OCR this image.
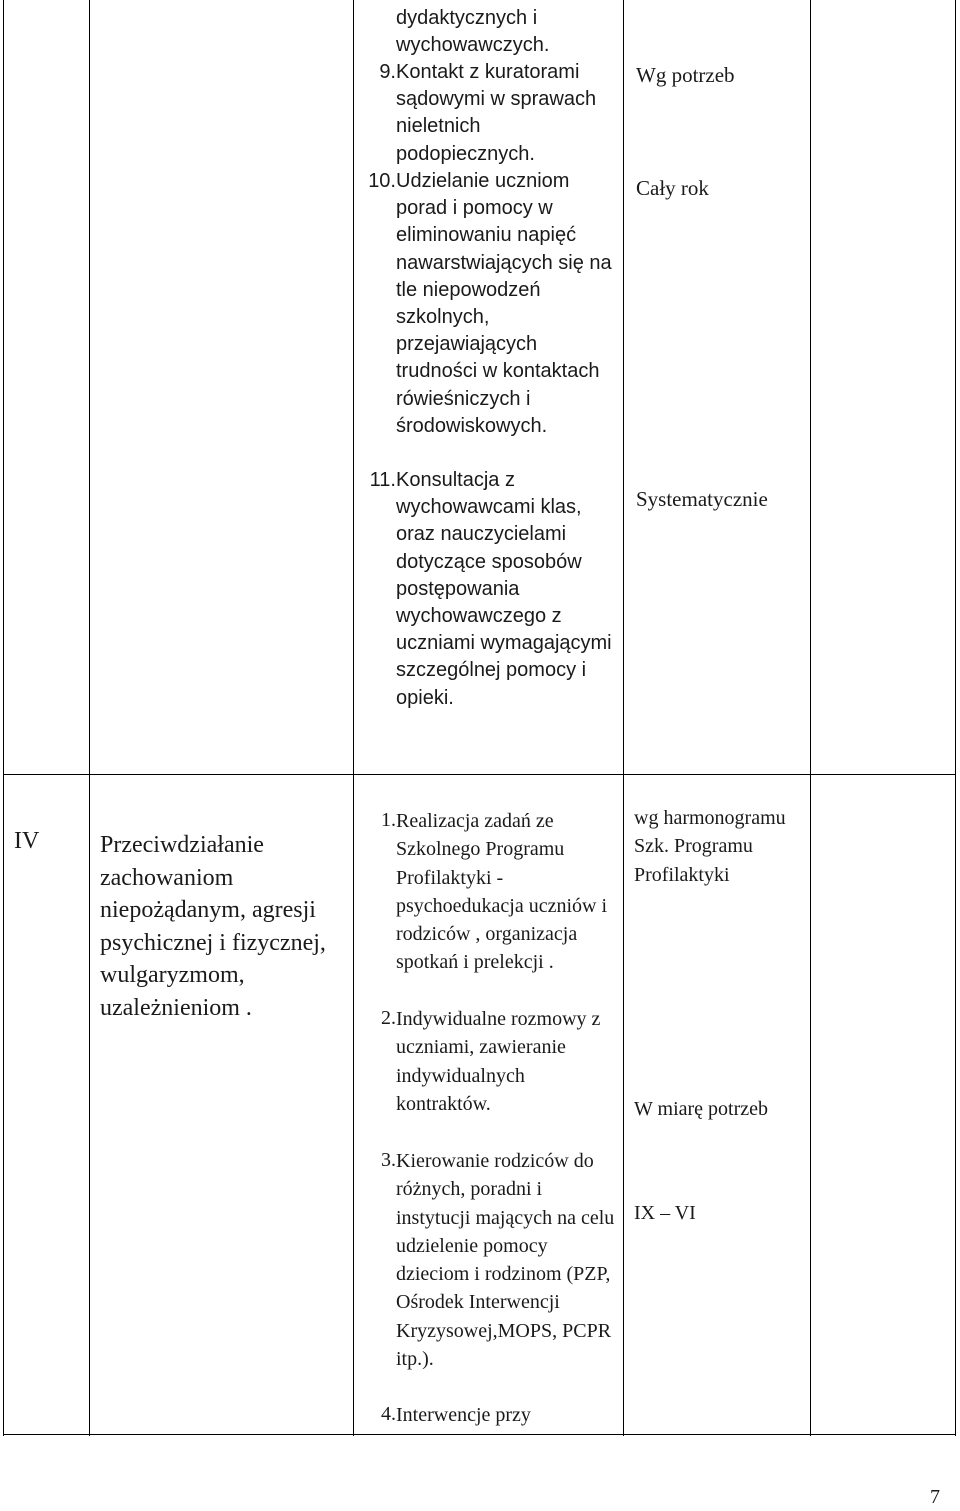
dydaktycznych i wychowawczych.
9. Kontakt z kuratorami sądowymi w sprawach nieletnich podopiecznych.
10. Udzielanie uczniom porad i pomocy w eliminowaniu napięć nawarstwiających się na tle niepowodzeń szkolnych, przejawiających trudności w kontaktach rówieśniczych i środowiskowych.
11. Konsultacja z wychowawcami klas, oraz nauczycielami dotyczące sposobów postępowania wychowawczego z uczniami wymagającymi szczególnej pomocy i opieki.
Wg potrzeb
Cały rok
Systematycznie
IV	Przeciwdziałanie zachowaniom niepożądanym, agresji psychicznej i fizycznej, wulgaryzmom, uzależnieniom .
1. Realizacja zadań ze Szkolnego Programu Profilaktyki - psychoedukacja uczniów i rodziców , organizacja spotkań i prelekcji .
2. Indywidualne rozmowy z uczniami, zawieranie indywidualnych kontraktów.
3. Kierowanie rodziców do różnych, poradni i instytucji mających na celu udzielenie pomocy dzieciom i rodzinom (PZP, Ośrodek Interwencji Kryzysowej,MOPS, PCPR itp.).
4. Interwencje przy
wg harmonogramu Szk. Programu Profilaktyki
W miarę potrzeb
IX – VI
7
